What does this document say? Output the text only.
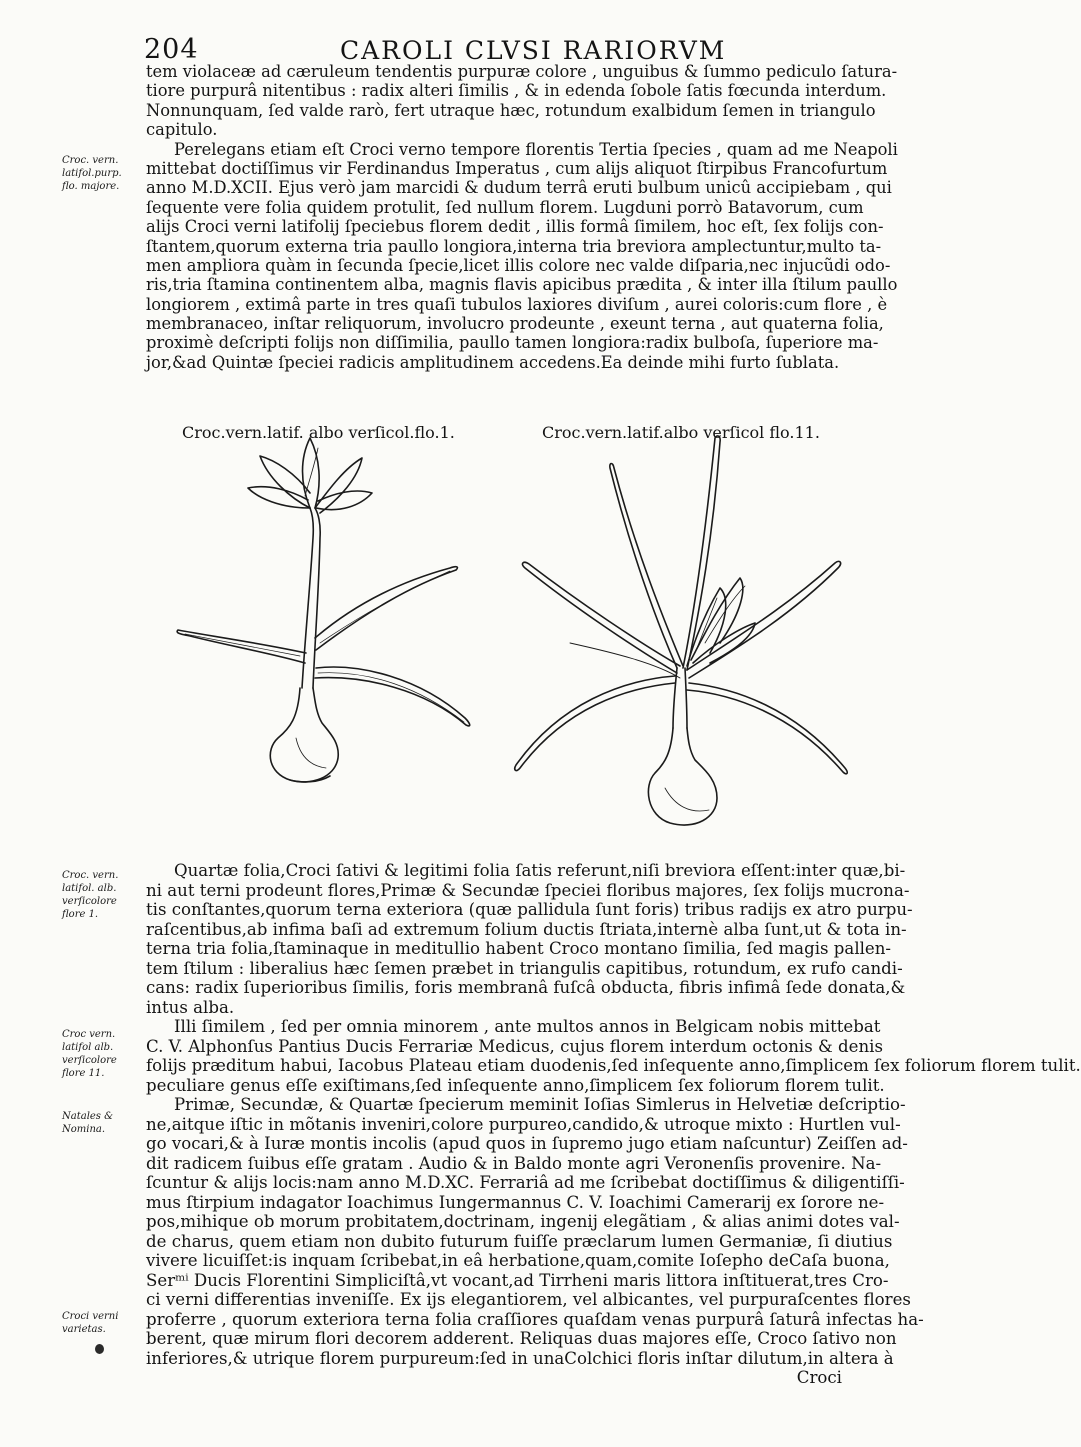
204	CAROLI CLVSI RARIORVM
tem violaceæ ad cæruleum tendentis purpuræ colore , unguibus & ſummo pediculo ſatura-
tiore purpurâ nitentibus : radix alteri ſimilis , & in edenda ſobole ſatis fœcunda interdum.
Nonnunquam, ſed valde rarò, fert utraque hæc, rotundum exalbidum ſemen in triangulo
capitulo.
Perelegans etiam eſt Croci verno tempore florentis Tertia ſpecies , quam ad me Neapoli
mittebat doctiſſimus vir Ferdinandus Imperatus , cum alijs aliquot ſtirpibus Francofurtum
anno M.D.XCII. Ejus verò jam marcidi & dudum terrâ eruti bulbum unicû accipiebam , qui
ſequente vere folia quidem protulit, ſed nullum florem. Lugduni porrò Batavorum, cum
alijs Croci verni latifolij ſpeciebus florem dedit , illis formâ ſimilem, hoc eſt, ſex folijs con-
ſtantem,quorum externa tria paullo longiora,interna tria breviora amplectuntur,multo ta-
men ampliora quàm in ſecunda ſpecie,licet illis colore nec valde diſparia,nec injucũdi odo-
ris,tria ſtamina continentem alba, magnis flavis apicibus prædita , & inter illa ſtilum paullo
longiorem , extimâ parte in tres quaſi tubulos laxiores diviſum , aurei coloris:cum flore , è
membranaceo, inſtar reliquorum, involucro prodeunte , exeunt terna , aut quaterna folia,
proximè deſcripti folijs non diſſimilia, paullo tamen longiora:radix bulboſa, ſuperiore ma-
jor,&ad Quintæ ſpeciei radicis amplitudinem accedens.Ea deinde mihi furto ſublata.
Croc.vern.latif. albo verſicol.flo.1.	Croc.vern.latif.albo verſicol flo.11.
Quartæ folia,Croci ſativi & legitimi folia ſatis referunt,niſi breviora eſſent:inter quæ,bi-
ni aut terni prodeunt flores,Primæ & Secundæ ſpeciei floribus majores, ſex folijs mucrona-
tis conſtantes,quorum terna exteriora (quæ pallidula ſunt foris) tribus radijs ex atro purpu-
raſcentibus,ab infima baſi ad extremum folium ductis ſtriata,internè alba ſunt,ut & tota in-
terna tria folia,ſtaminaque in meditullio habent Croco montano ſimilia, ſed magis pallen-
tem ſtilum : liberalius hæc ſemen præbet in triangulis capitibus, rotundum, ex rufo candi-
cans: radix ſuperioribus ſimilis, foris membranâ fuſcâ obducta, fibris infimâ ſede donata,&
intus alba.
Illi ſimilem , ſed per omnia minorem , ante multos annos in Belgicam nobis mittebat
C. V. Alphonſus Pantius Ducis Ferrariæ Medicus, cujus florem interdum octonis & denis
folijs præditum habui, Iacobus Plateau etiam duodenis,ſed inſequente anno,ſimplicem ſex foliorum florem tulit.
peculiare genus eſſe exiſtimans,ſed inſequente anno,ſimplicem ſex foliorum florem tulit.
Primæ, Secundæ, & Quartæ ſpecierum meminit Ioſias Simlerus in Helvetiæ deſcriptio-
ne,aitque iſtic in mõtanis inveniri,colore purpureo,candido,& utroque mixto : Hurtlen vul-
go vocari,& à Iuræ montis incolis (apud quos in ſupremo jugo etiam naſcuntur) Zeiſſen ad-
dit radicem ſuibus eſſe gratam . Audio & in Baldo monte agri Veronenſis provenire. Na-
ſcuntur & alijs locis:nam anno M.D.XC. Ferrariâ ad me ſcribebat doctiſſimus & diligentiſſi-
mus ſtirpium indagator Ioachimus Iungermannus C. V. Ioachimi Camerarij ex ſorore ne-
pos,mihique ob morum probitatem,doctrinam, ingenij elegãtiam , & alias animi dotes val-
de charus, quem etiam non dubito futurum fuiſſe præclarum lumen Germaniæ, ſi diutius
vivere licuiſſet:is inquam ſcribebat,in eâ herbatione,quam,comite Ioſepho deCaſa buona,
Serᵐⁱ Ducis Florentini Simpliciſtâ,vt vocant,ad Tirrheni maris littora inſtituerat,tres Cro-
ci verni differentias inveniſſe. Ex ijs elegantiorem, vel albicantes, vel purpuraſcentes flores
proferre , quorum exteriora terna folia craſſiores quaſdam venas purpurâ ſaturâ infectas ha-
berent, quæ mirum flori decorem adderent. Reliquas duas majores eſſe, Croco ſativo non
inferiores,& utrique florem purpureum:ſed in unaColchici floris inſtar dilutum,in altera à
Croci
Croc. vern.
latifol.purp.
flo. majore.
Croc. vern.
latifol. alb.
verſicolore
flore 1.
Croc vern.
latifol alb.
verſicolore
flore 11.
Natales &
Nomina.
Croci verni
varietas.
